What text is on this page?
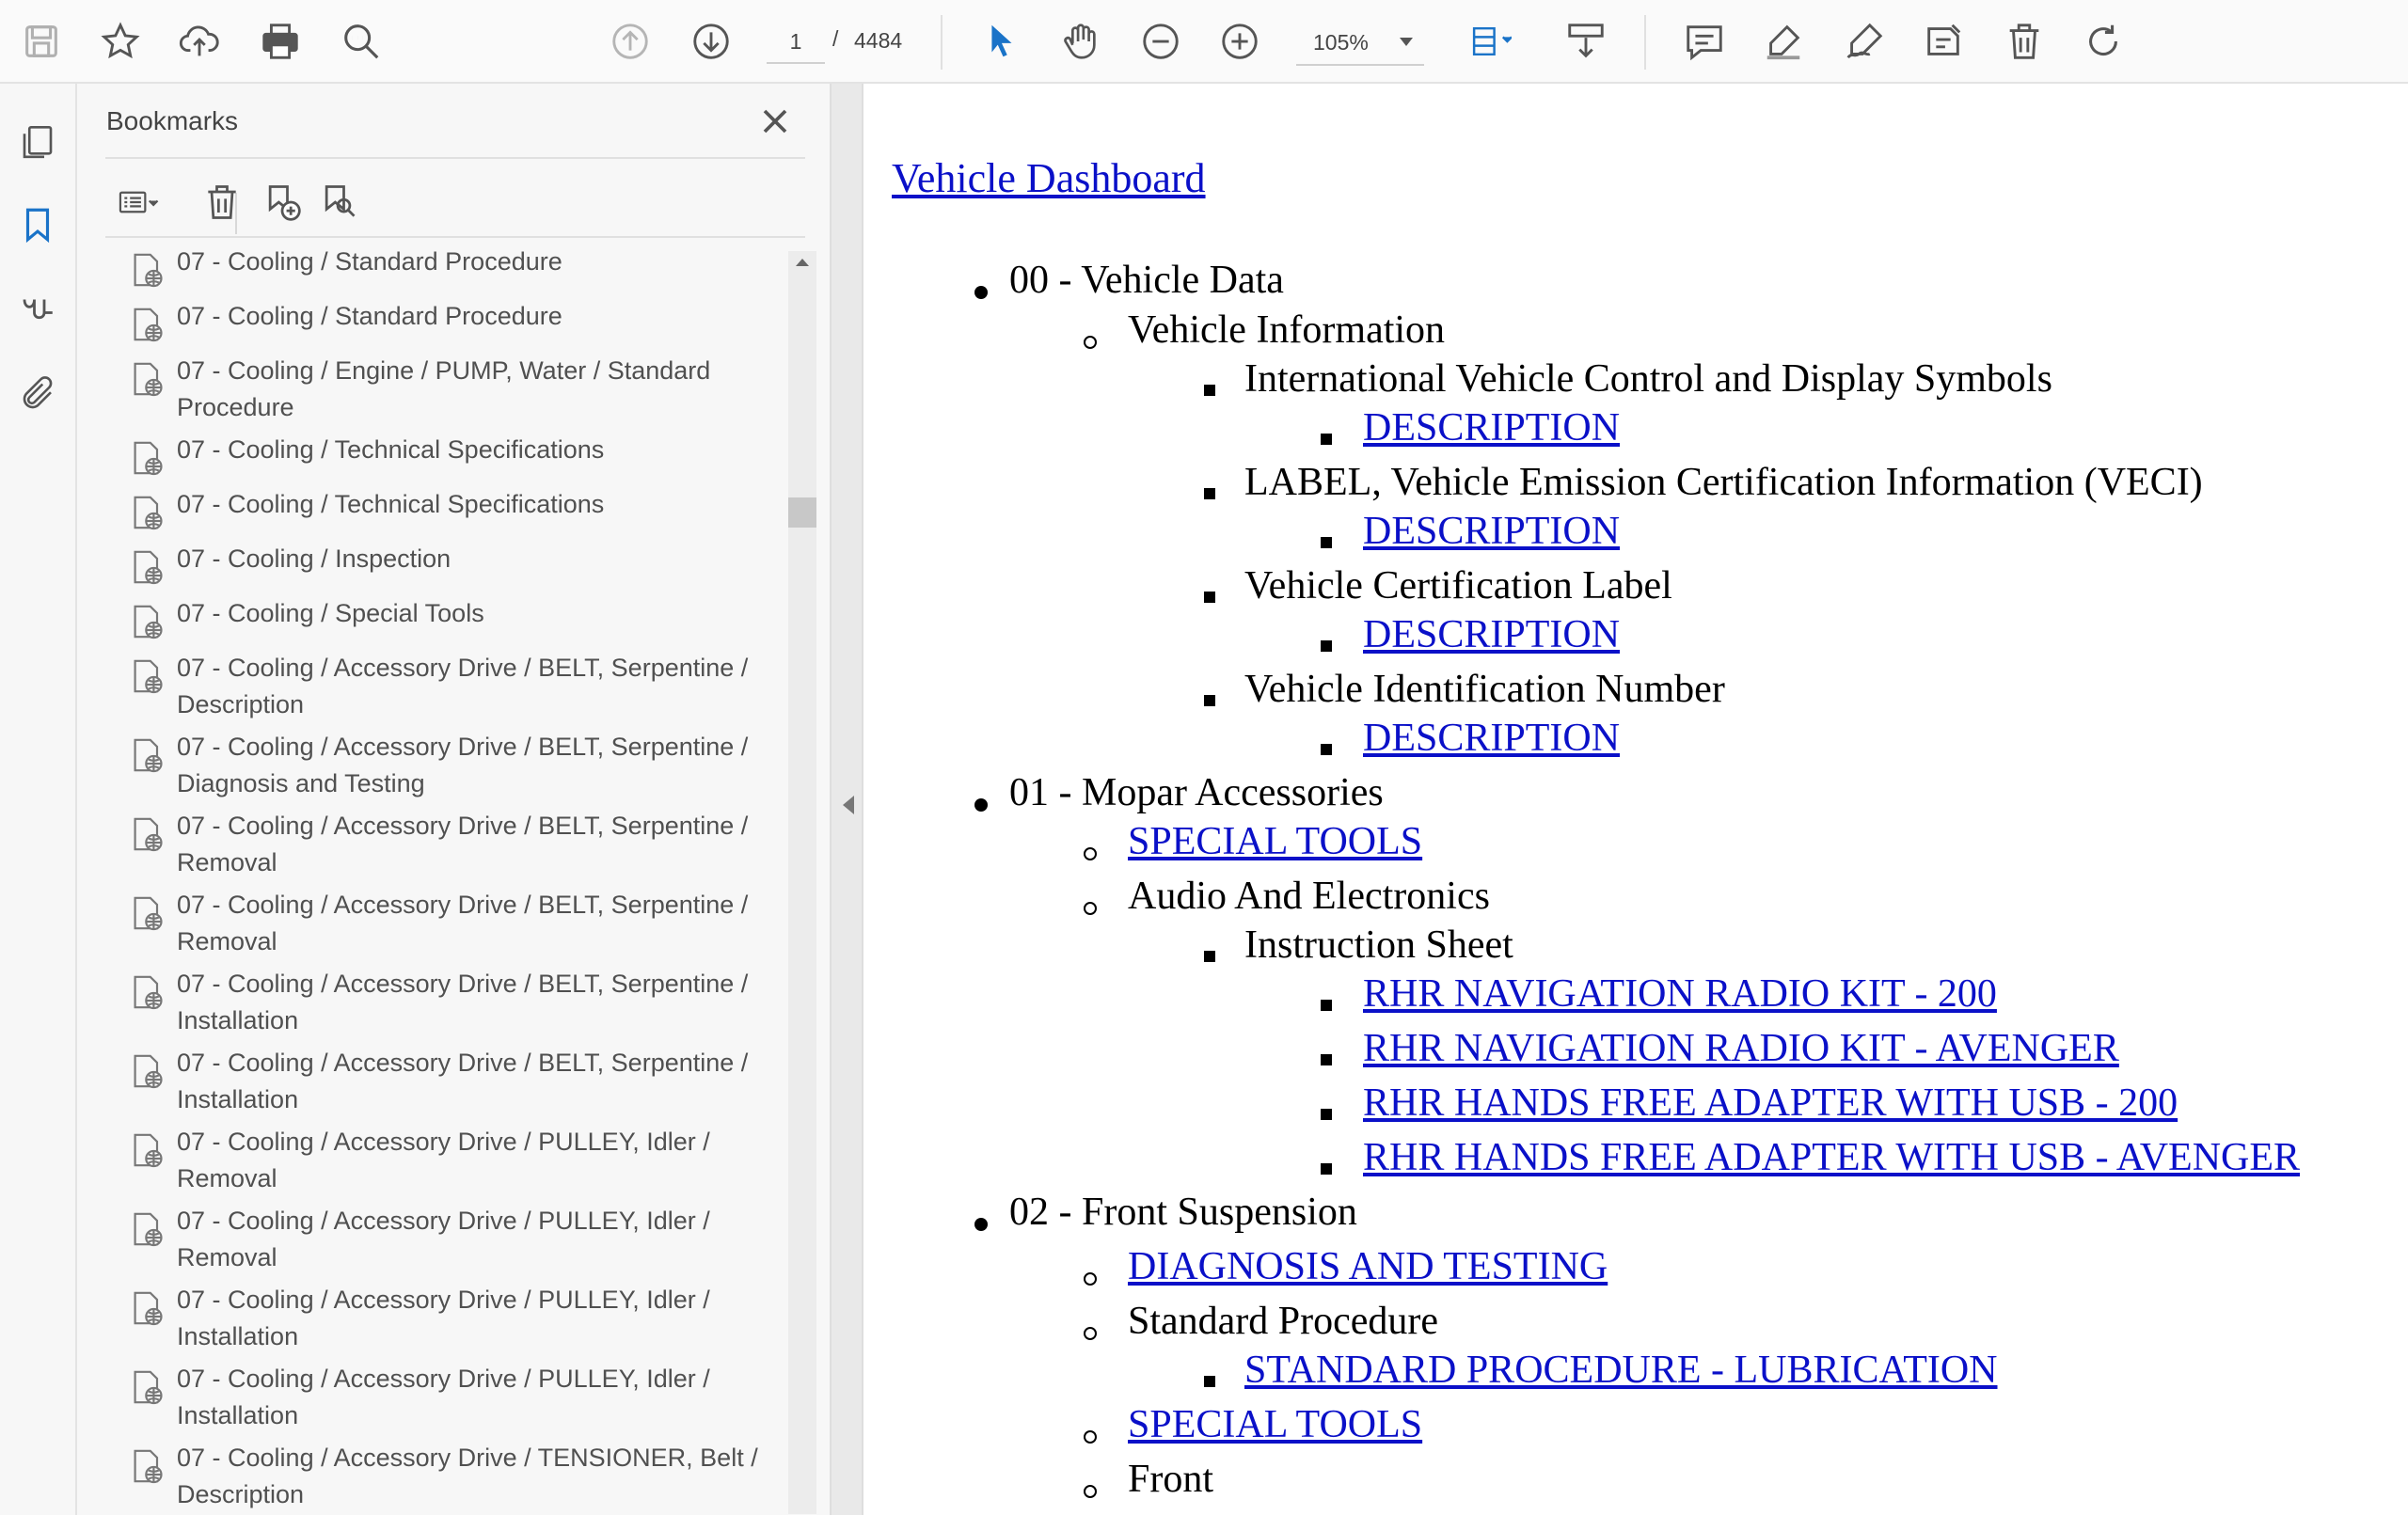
1
/ 4484	105%
Bookmarks
07 - Cooling / Standard Procedure
07 - Cooling / Standard Procedure
07 - Cooling / Engine / PUMP, Water / Standard Procedure
07 - Cooling / Technical Specifications
07 - Cooling / Technical Specifications
07 - Cooling / Inspection
07 - Cooling / Special Tools
07 - Cooling / Accessory Drive / BELT, Serpentine / Description
07 - Cooling / Accessory Drive / BELT, Serpentine / Diagnosis and Testing
07 - Cooling / Accessory Drive / BELT, Serpentine / Removal
07 - Cooling / Accessory Drive / BELT, Serpentine / Removal
07 - Cooling / Accessory Drive / BELT, Serpentine / Installation
07 - Cooling / Accessory Drive / BELT, Serpentine / Installation
07 - Cooling / Accessory Drive / PULLEY, Idler / Removal
07 - Cooling / Accessory Drive / PULLEY, Idler / Removal
07 - Cooling / Accessory Drive / PULLEY, Idler / Installation
07 - Cooling / Accessory Drive / PULLEY, Idler / Installation
07 - Cooling / Accessory Drive / TENSIONER, Belt / Description
Vehicle Dashboard
00 - Vehicle Data
Vehicle Information
International Vehicle Control and Display Symbols
DESCRIPTION
LABEL, Vehicle Emission Certification Information (VECI)
DESCRIPTION
Vehicle Certification Label
DESCRIPTION
Vehicle Identification Number
DESCRIPTION
01 - Mopar Accessories
SPECIAL TOOLS
Audio And Electronics
Instruction Sheet
RHR NAVIGATION RADIO KIT - 200
RHR NAVIGATION RADIO KIT - AVENGER
RHR HANDS FREE ADAPTER WITH USB - 200
RHR HANDS FREE ADAPTER WITH USB - AVENGER
02 - Front Suspension
DIAGNOSIS AND TESTING
Standard Procedure
STANDARD PROCEDURE - LUBRICATION
SPECIAL TOOLS
Front
